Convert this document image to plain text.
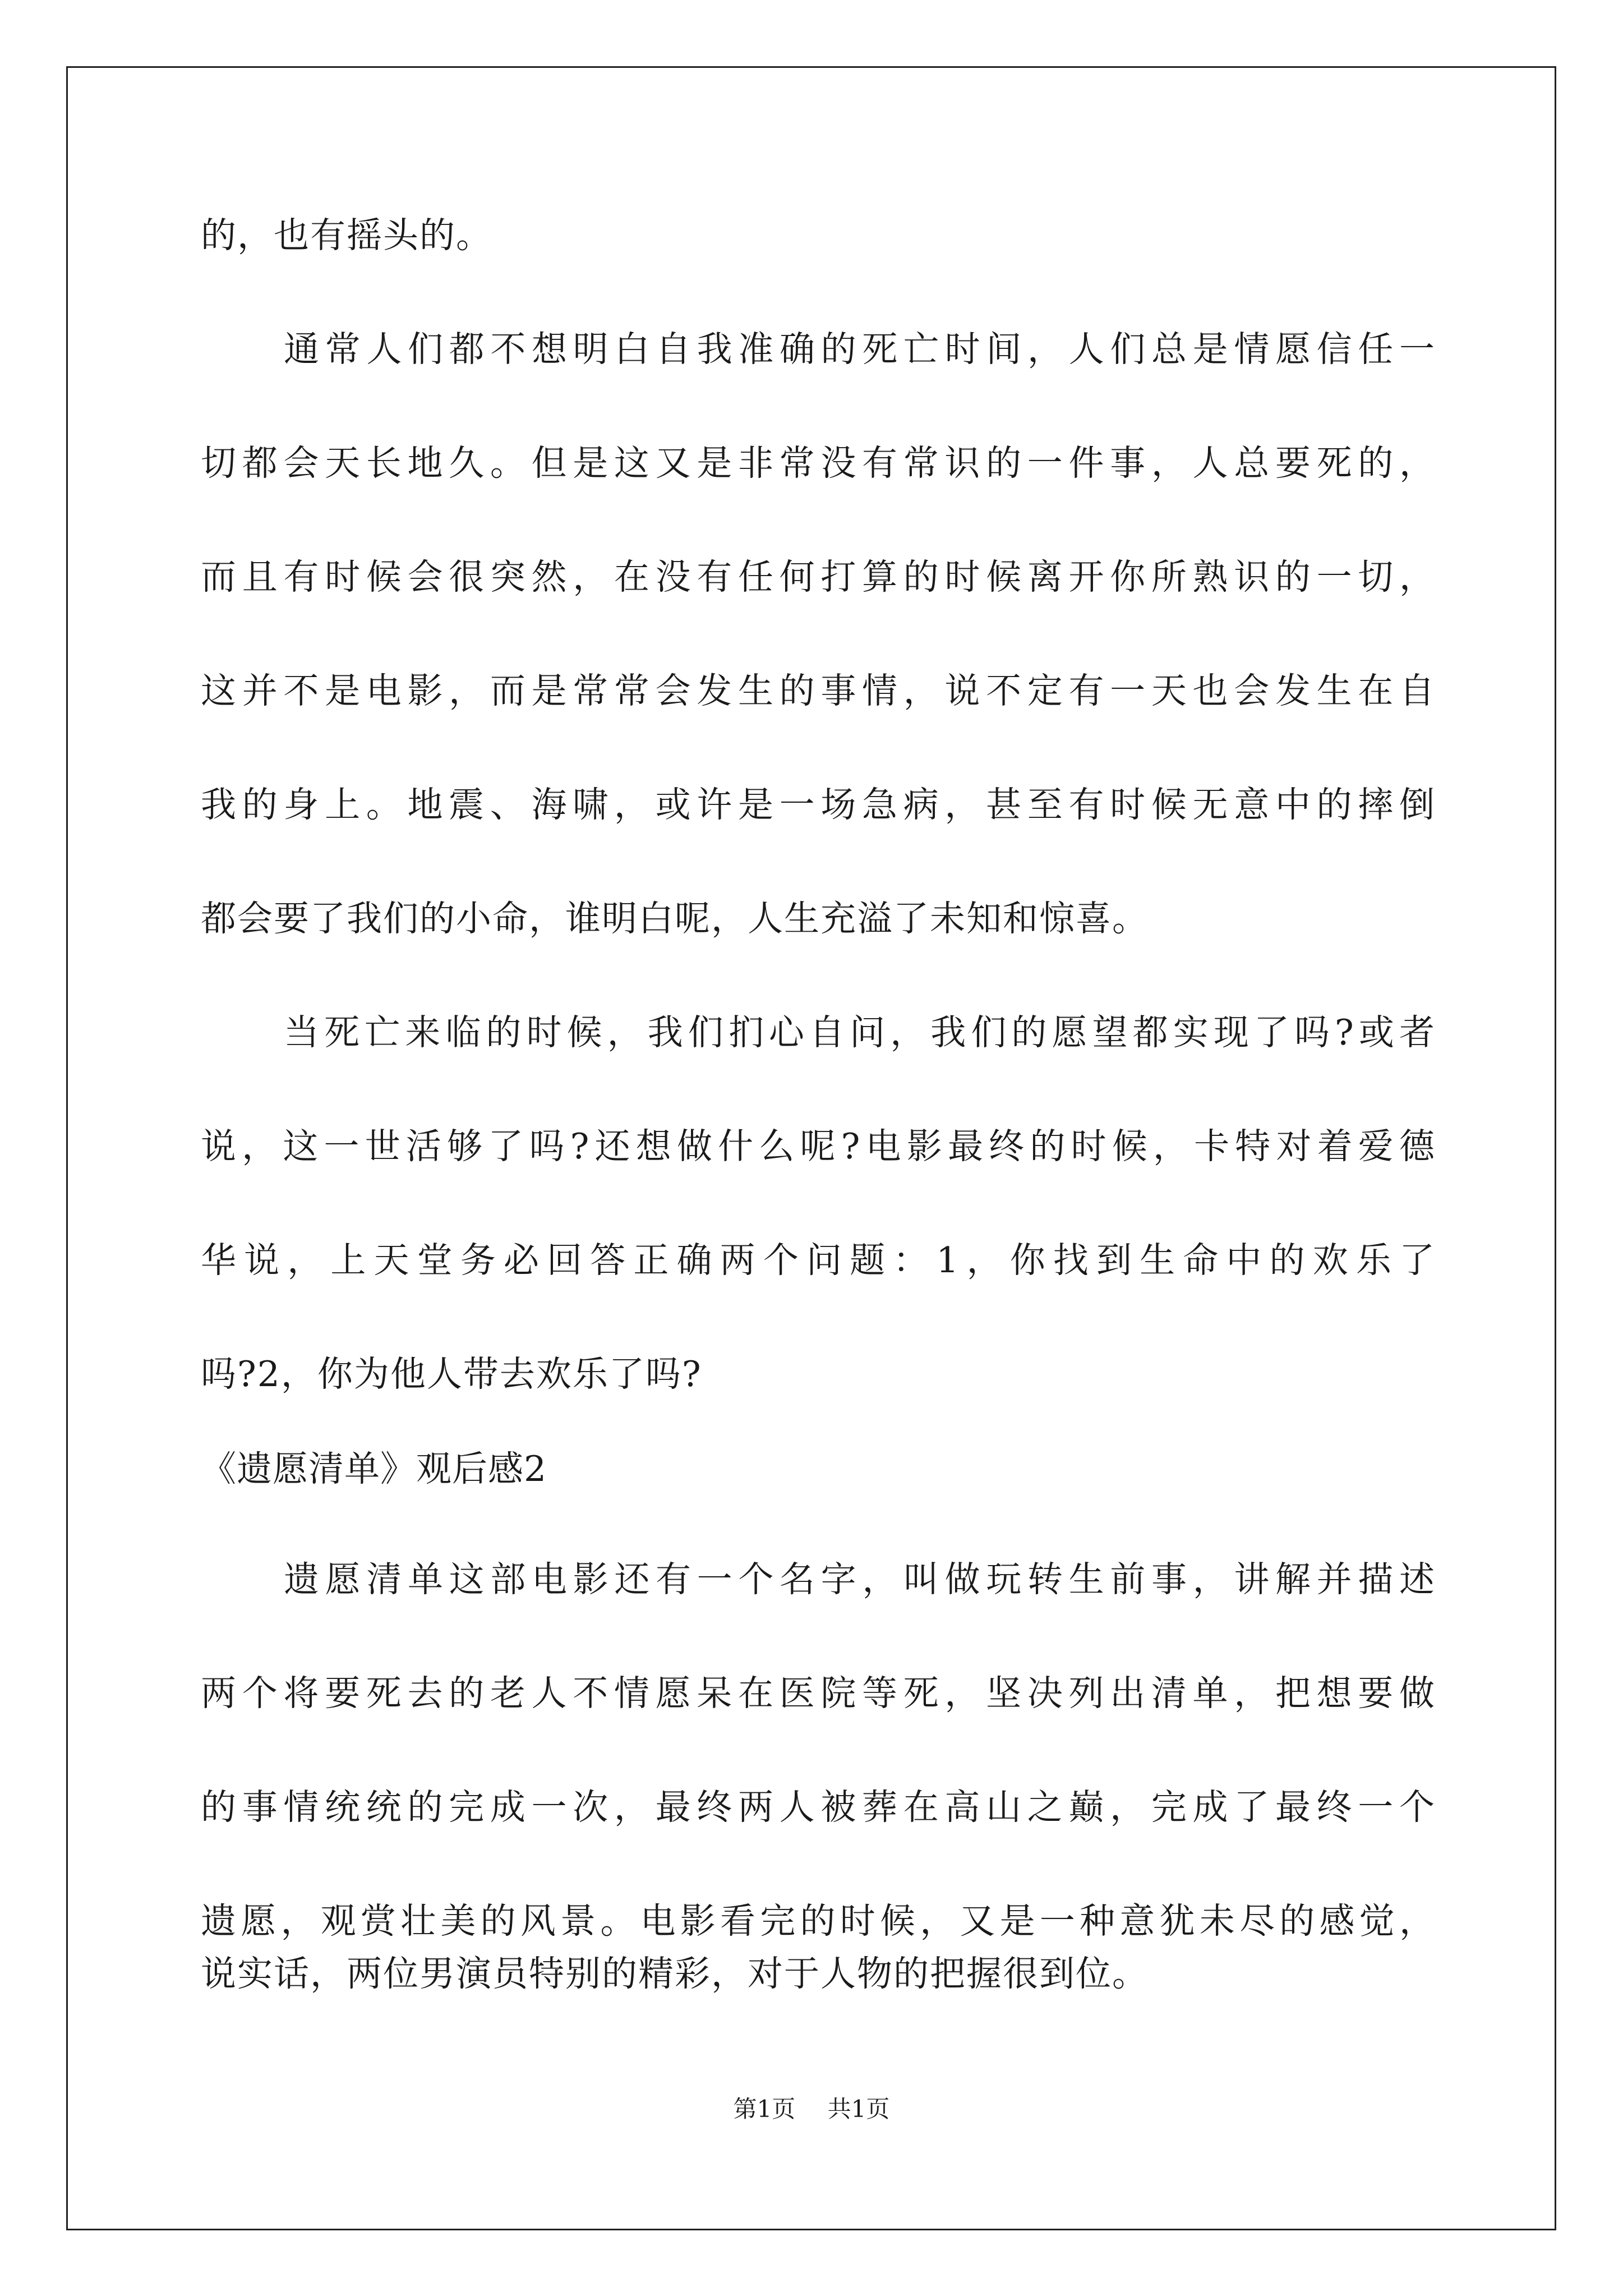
的，也有摇头的。
通常人们都不想明白自我准确的死亡时间，人们总是情愿信任一
切都会天长地久。但是这又是非常没有常识的一件事，人总要死的，
而且有时候会很突然，在没有任何打算的时候离开你所熟识的一切，
这并不是电影，而是常常会发生的事情，说不定有一天也会发生在自
我的身上。地震、海啸，或许是一场急病，甚至有时候无意中的摔倒
都会要了我们的小命，谁明白呢，人生充溢了未知和惊喜。
当死亡来临的时候，我们扪心自问，我们的愿望都实现了吗?或者
说，这一世活够了吗?还想做什么呢?电影最终的时候，卡特对着爱德
华说，上天堂务必回答正确两个问题：1，你找到生命中的欢乐了
吗?2，你为他人带去欢乐了吗?
《遗愿清单》观后感2
遗愿清单这部电影还有一个名字，叫做玩转生前事，讲解并描述
两个将要死去的老人不情愿呆在医院等死，坚决列出清单，把想要做
的事情统统的完成一次，最终两人被葬在高山之巅，完成了最终一个
遗愿，观赏壮美的风景。电影看完的时候，又是一种意犹未尽的感觉，
说实话，两位男演员特别的精彩，对于人物的把握很到位。
第1页 共1页
